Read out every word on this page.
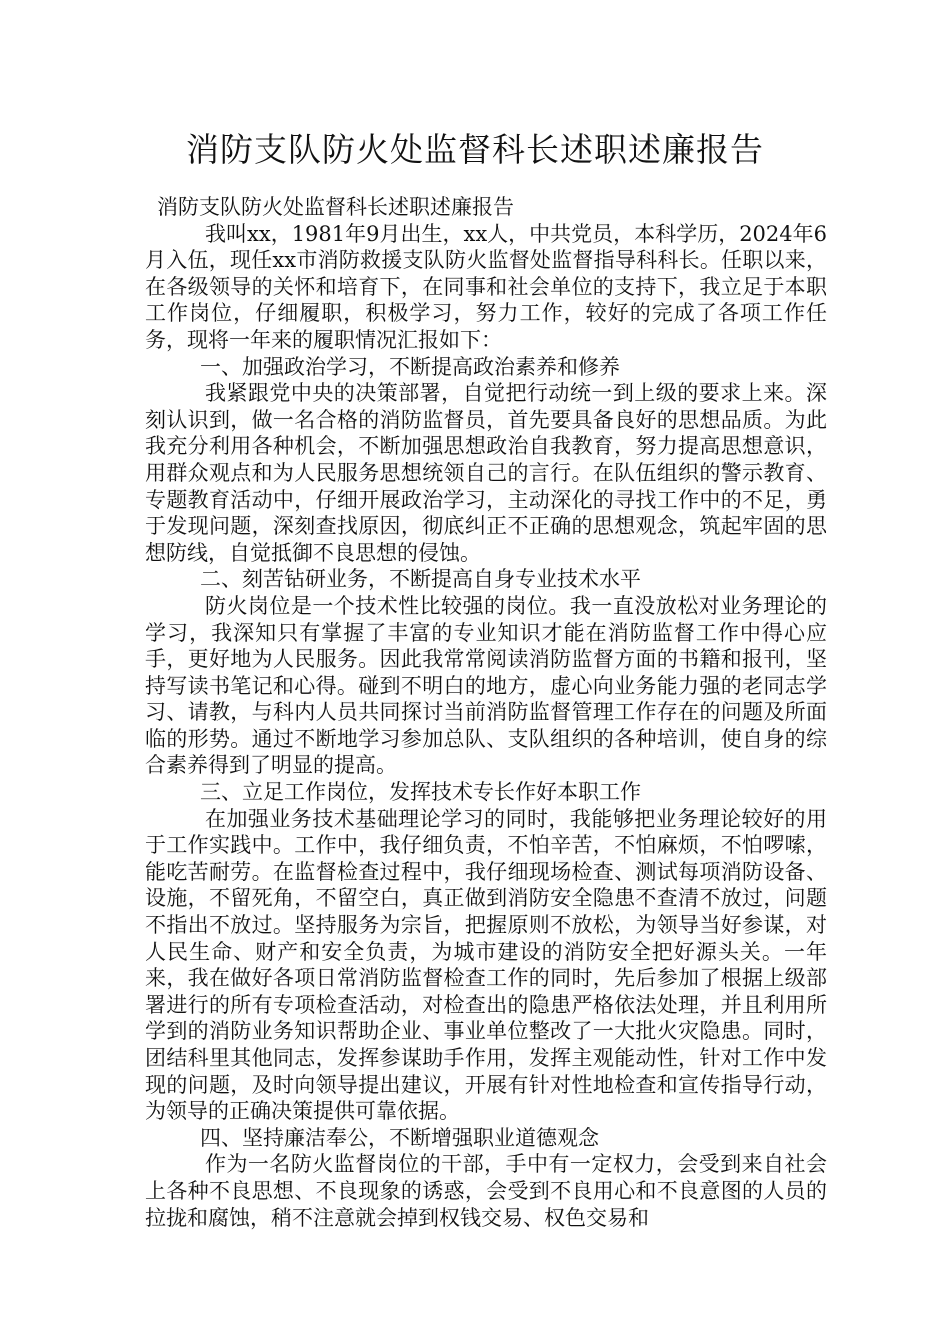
消防支队防火处监督科长述职述廉报告

消防支队防火处监督科长述职述廉报告

我叫xx，1981年9月出生，xx人，中共党员，本科学历，2024年6月入伍，现任xx市消防救援支队防火监督处监督指导科科长。任职以来，在各级领导的关怀和培育下，在同事和社会单位的支持下，我立足于本职工作岗位，仔细履职，积极学习，努力工作，较好的完成了各项工作任务，现将一年来的履职情况汇报如下：

一、加强政治学习，不断提高政治素养和修养

我紧跟党中央的决策部署，自觉把行动统一到上级的要求上来。深刻认识到，做一名合格的消防监督员，首先要具备良好的思想品质。为此我充分利用各种机会，不断加强思想政治自我教育，努力提高思想意识，用群众观点和为人民服务思想统领自己的言行。在队伍组织的警示教育、专题教育活动中，仔细开展政治学习，主动深化的寻找工作中的不足，勇于发现问题，深刻查找原因，彻底纠正不正确的思想观念，筑起牢固的思想防线，自觉抵御不良思想的侵蚀。

二、刻苦钻研业务，不断提高自身专业技术水平

防火岗位是一个技术性比较强的岗位。我一直没放松对业务理论的学习，我深知只有掌握了丰富的专业知识才能在消防监督工作中得心应手，更好地为人民服务。因此我常常阅读消防监督方面的书籍和报刊，坚持写读书笔记和心得。碰到不明白的地方，虚心向业务能力强的老同志学习、请教，与科内人员共同探讨当前消防监督管理工作存在的问题及所面临的形势。通过不断地学习参加总队、支队组织的各种培训，使自身的综合素养得到了明显的提高。

三、立足工作岗位，发挥技术专长作好本职工作

在加强业务技术基础理论学习的同时，我能够把业务理论较好的用于工作实践中。工作中，我仔细负责，不怕辛苦，不怕麻烦，不怕啰嗦，能吃苦耐劳。在监督检查过程中，我仔细现场检查、测试每项消防设备、设施，不留死角，不留空白，真正做到消防安全隐患不查清不放过，问题不指出不放过。坚持服务为宗旨，把握原则不放松，为领导当好参谋，对人民生命、财产和安全负责，为城市建设的消防安全把好源头关。一年来，我在做好各项日常消防监督检查工作的同时，先后参加了根据上级部署进行的所有专项检查活动，对检查出的隐患严格依法处理，并且利用所学到的消防业务知识帮助企业、事业单位整改了一大批火灾隐患。同时，团结科里其他同志，发挥参谋助手作用，发挥主观能动性，针对工作中发现的问题，及时向领导提出建议，开展有针对性地检查和宣传指导行动，为领导的正确决策提供可靠依据。

四、坚持廉洁奉公，不断增强职业道德观念

作为一名防火监督岗位的干部，手中有一定权力，会受到来自社会上各种不良思想、不良现象的诱惑，会受到不良用心和不良意图的人员的拉拢和腐蚀，稍不注意就会掉到权钱交易、权色交易和
